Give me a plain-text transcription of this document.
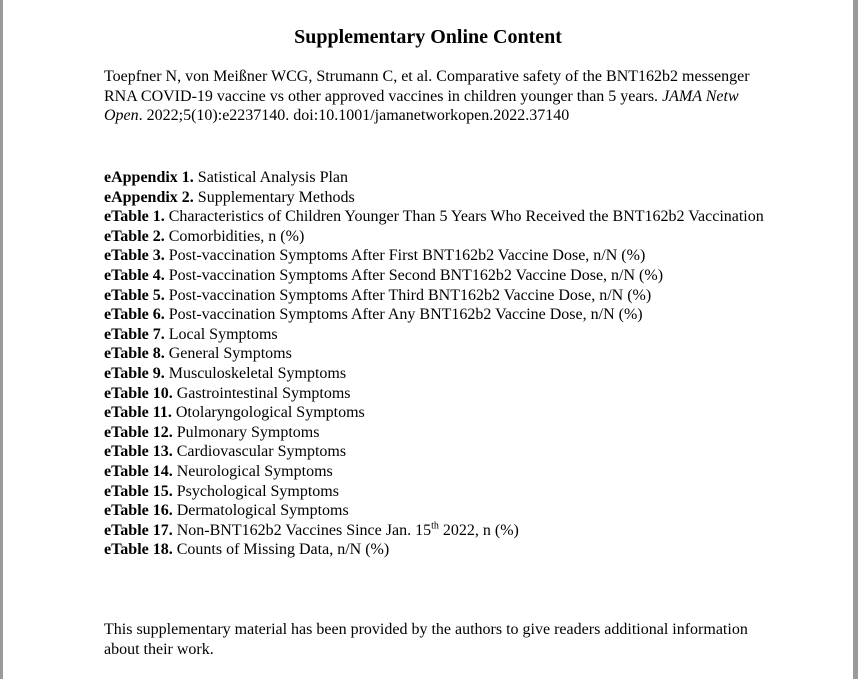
Supplementary Online Content

Toepfner N, von Meißner WCG, Strumann C, et al. Comparative safety of the BNT162b2 messenger RNA COVID-19 vaccine vs other approved vaccines in children younger than 5 years. JAMA Netw Open. 2022;5(10):e2237140. doi:10.1001/jamanetworkopen.2022.37140

eAppendix 1. Satistical Analysis Plan
eAppendix 2. Supplementary Methods
eTable 1. Characteristics of Children Younger Than 5 Years Who Received the BNT162b2 Vaccination
eTable 2. Comorbidities, n (%)
eTable 3. Post-vaccination Symptoms After First BNT162b2 Vaccine Dose, n/N (%)
eTable 4. Post-vaccination Symptoms After Second BNT162b2 Vaccine Dose, n/N (%)
eTable 5. Post-vaccination Symptoms After Third BNT162b2 Vaccine Dose, n/N (%)
eTable 6. Post-vaccination Symptoms After Any BNT162b2 Vaccine Dose, n/N (%)
eTable 7. Local Symptoms
eTable 8. General Symptoms
eTable 9. Musculoskeletal Symptoms
eTable 10. Gastrointestinal Symptoms
eTable 11. Otolaryngological Symptoms
eTable 12. Pulmonary Symptoms
eTable 13. Cardiovascular Symptoms
eTable 14. Neurological Symptoms
eTable 15. Psychological Symptoms
eTable 16. Dermatological Symptoms
eTable 17. Non-BNT162b2 Vaccines Since Jan. 15th 2022, n (%)
eTable 18. Counts of Missing Data, n/N (%)

This supplementary material has been provided by the authors to give readers additional information about their work.
